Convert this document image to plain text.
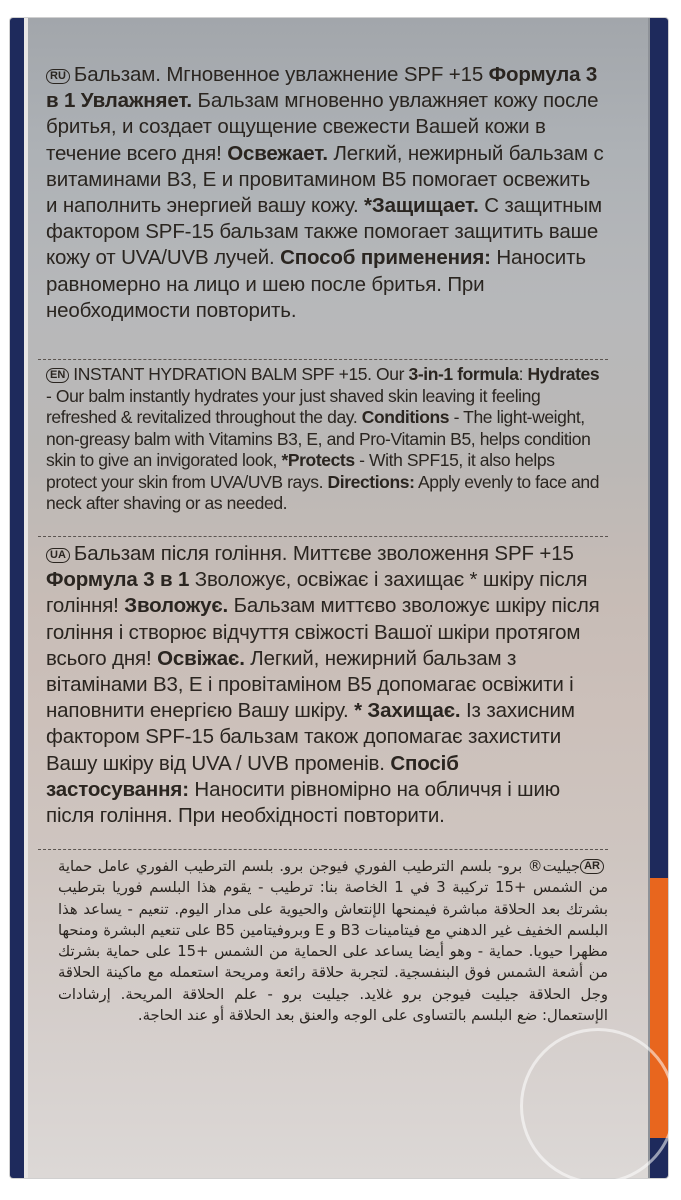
RU Бальзам. Мгновенное увлажнение SPF +15 Формула 3 в 1 Увлажняет. Бальзам мгновенно увлажняет кожу после бритья, и создает ощущение свежести Вашей кожи в течение всего дня! Освежает. Легкий, нежирный бальзам с витаминами B3, E и провитамином B5 помогает освежить и наполнить энергией вашу кожу. *Защищает. С защитным фактором SPF-15 бальзам также помогает защитить ваше кожу от UVA/UVB лучей. Способ применения: Наносить равномерно на лицо и шею после бритья. При необходимости повторить.
EN INSTANT HYDRATION BALM SPF +15. Our 3-in-1 formula: Hydrates - Our balm instantly hydrates your just shaved skin leaving it feeling refreshed & revitalized throughout the day. Conditions - The light-weight, non-greasy balm with Vitamins B3, E, and Pro-Vitamin B5, helps condition skin to give an invigorated look, *Protects - With SPF15, it also helps protect your skin from UVA/UVB rays. Directions: Apply evenly to face and neck after shaving or as needed.
UA Бальзам після гоління. Миттєве зволоження SPF +15 Формула 3 в 1 Зволожує, освіжає і захищає * шкіру після гоління! Зволожує. Бальзам миттєво зволожує шкіру після гоління і створює відчуття свіжості Вашої шкіри протягом всього дня! Освіжає. Легкий, нежирний бальзам з вітамінами B3, E і провітаміном B5 допомагає освіжити і наповнити енергією Вашу шкіру. * Захищає. Із захисним фактором SPF-15 бальзам також допомагає захистити Вашу шкіру від UVA / UVB променів. Спосіб застосування: Наносити рівномірно на обличчя і шию після гоління. При необхідності повторити.
ARجيليت® برو- بلسم الترطيب الفوري فيوجن برو. بلسم الترطيب الفوري عامل حماية من الشمس +15 تركيبة 3 في 1 الخاصة بنا: ترطيب - يقوم هذا البلسم فوريا بترطيب بشرتك بعد الحلاقة مباشرة فيمنحها الإنتعاش والحيوية على مدار اليوم. تنعيم - يساعد هذا البلسم الخفيف غير الدهني مع فيتامينات B3 و E وبروفيتامين B5 على تنعيم البشرة ومنحها مظهرا حيويا. حماية - وهو أيضا يساعد على الحماية من الشمس +15 على حماية بشرتك من أشعة الشمس فوق البنفسجية. لتجربة حلاقة رائعة ومريحة استعمله مع ماكينة الحلاقة وجل الحلاقة جيليت فيوجن برو غلايد. جيليت برو - علم الحلاقة المريحة. إرشادات الإستعمال: ضع البلسم بالتساوى على الوجه والعنق بعد الحلاقة أو عند الحاجة.
